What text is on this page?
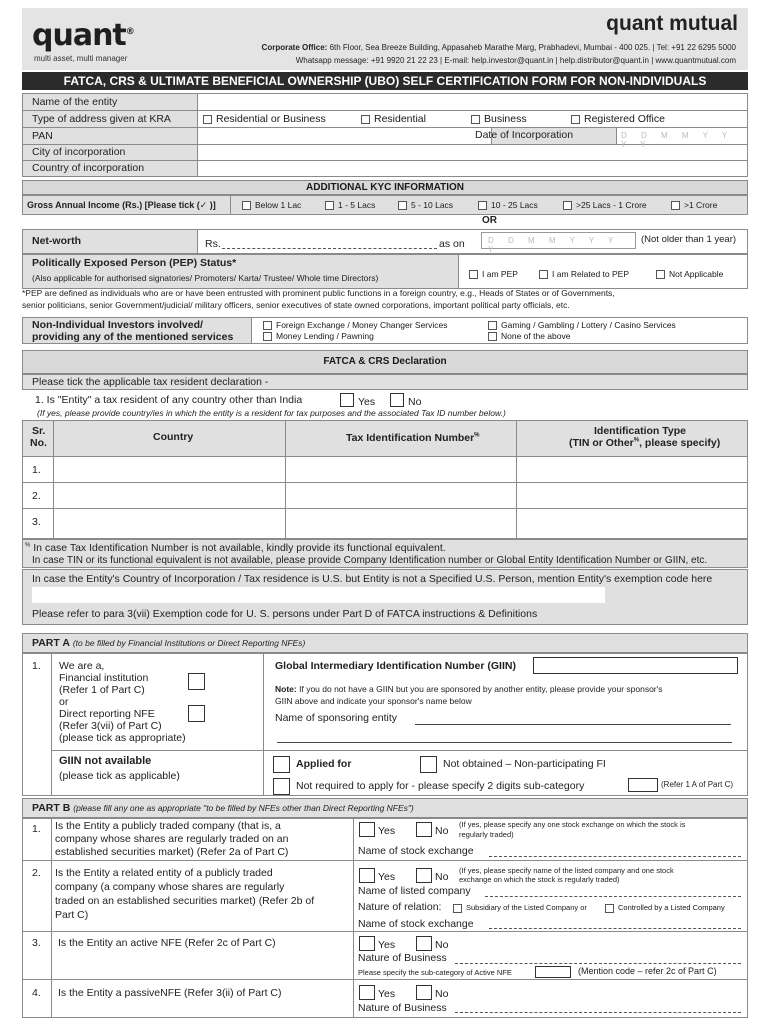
quant®
multi asset, multi manager
quant mutual
Corporate Office: 6th Floor, Sea Breeze Building, Appasaheb Marathe Marg, Prabhadevi, Mumbai - 400 025. | Tel: +91 22 6295 5000
Whatsapp message: +91 9920 21 22 23 | E-mail: help.investor@quant.in | help.distributor@quant.in | www.quantmutual.com
FATCA, CRS & ULTIMATE BENEFICIAL OWNERSHIP (UBO) SELF CERTIFICATION FORM FOR NON-INDIVIDUALS
Name of the entity
Type of address given at KRA	Residential or Business	Residential	Business	Registered Office
PAN	Date of Incorporation	D D M M Y Y Y Y
City of incorporation
Country of incorporation
ADDITIONAL KYC INFORMATION
Gross Annual Income (Rs.) [Please tick (✓ )]	Below 1 Lac	1 - 5 Lacs	5 - 10 Lacs	10 - 25 Lacs	>25 Lacs - 1 Crore	>1 Crore
OR
Net-worth	Rs.	as on	D D M M Y Y Y Y
(Not older than 1 year)
Politically Exposed Person (PEP) Status*
(Also applicable for authorised signatories/ Promoters/ Karta/ Trustee/ Whole time Directors)	I am PEP	I am Related to PEP	Not Applicable
*PEP are defined as individuals who are or have been entrusted with prominent public functions in a foreign country, e.g., Heads of States or of Governments,
senior politicians, senior Government/judicial/ military officers, senior executives of state owned corporations, important political party officials, etc.
Non-Individual Investors involved/
providing any of the mentioned services
Foreign Exchange / Money Changer Services	Gaming / Gambling / Lottery / Casino Services
Money Lending / Pawning	None of the above
FATCA & CRS Declaration
Please tick the applicable tax resident declaration -
1. Is "Entity" a tax resident of any country other than India	Yes	No
(If yes, please provide country/ies in which the entity is a resident for tax purposes and the associated Tax ID number below.)
Sr.
No.	Country	Tax Identification Number%	Identification Type
(TIN or Other%, please specify)
1.
2.
3.
% In case Tax Identification Number is not available, kindly provide its functional equivalent.
In case TIN or its functional equivalent is not available, please provide Company Identification number or Global Entity Identification Number or GIIN, etc.
In case the Entity's Country of Incorporation / Tax residence is U.S. but Entity is not a Specified U.S. Person, mention Entity's exemption code here
Please refer to para 3(vii) Exemption code for U. S. persons under Part D of FATCA instructions & Definitions
PART A (to be filled by Financial Institutions or Direct Reporting NFEs)
1. We are a,
Financial institution
(Refer 1 of Part C)
or
Direct reporting NFE
(Refer 3(vii) of Part C)
(please tick as appropriate)
Global Intermediary Identification Number (GIIN)
Note: If you do not have a GIIN but you are sponsored by another entity, please provide your sponsor's
GIIN above and indicate your sponsor's name below
Name of sponsoring entity
GIIN not available
(please tick as applicable)
Applied for	Not obtained – Non-participating FI
Not required to apply for - please specify 2 digits sub-category	(Refer 1 A of Part C)
PART B (please fill any one as appropriate "to be filled by NFEs other than Direct Reporting NFEs")
1. Is the Entity a publicly traded company (that is, a
company whose shares are regularly traded on an
established securities market) (Refer 2a of Part C)
Yes	No
(If yes, please specify any one stock exchange on which the stock is
regularly traded)
Name of stock exchange
2. Is the Entity a related entity of a publicly traded
company (a company whose shares are regularly
traded on an established securities market) (Refer 2b of
Part C)
Yes	No
(If yes, please specify name of the listed company and one stock
exchange on which the stock is regularly traded)
Name of listed company
Nature of relation:	Subsidiary of the Listed Company or	Controlled by a Listed Company
Name of stock exchange
3. Is the Entity an active NFE (Refer 2c of Part C)	Yes	No
Nature of Business
Please specify the sub-category of Active NFE	(Mention code – refer 2c of Part C)
4. Is the Entity a passiveNFE (Refer 3(ii) of Part C)	Yes	No
Nature of Business
